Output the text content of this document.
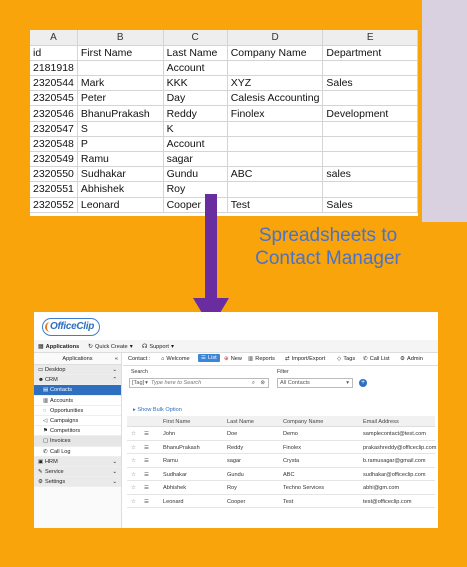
A	B	C	D	E
id	First Name	Last Name	Company Name	Department
2181918		Account		
2320544	Mark	KKK	XYZ	Sales
2320545	Peter	Day	Calesis Accounting	
2320546	BhanuPrakash	Reddy	Finolex	Development
2320547	S	K		
2320548	P	Account		
2320549	Ramu	sagar		
2320550	Sudhakar	Gundu	ABC	sales
2320551	Abhishek	Roy		
2320552	Leonard	Cooper	Test	Sales
Spreadsheets to
Contact Manager
OfficeClip
▦ Applications ↻ Quick Create ▾ ☊ Support ▾
Applications	«
▭ Desktop	⌄
☻CRM	⌃
▤ Contacts
▥ Accounts
◌ Opportunities
◁ Campaigns
⚑ Competitors
▢ Invoices
✆ Call Log
▣ HRM	⌄
✎ Service	⌄
⚙ Settings	⌄
Contact : ⌂ Welcome ☰ List ⊕ New ▥ Reports ⇄ Import/Export ◇ Tags ✆ Call List ⚙ Admin
Search
[Tag] ▾ Type here to Search	⌕ ⊗
Filter
All Contacts	▾ +
▸ Show Bulk Option
First Name	Last Name	Company Name	Email Address
☆ ☰ John	Doe	Demo	samplecontact@test.com
☆ ☰ BhanuPrakash	Reddy	Finolex	prakashreddy@officeclip.com
☆ ☰ Ramu	sagar	Crysta	b.ramusagar@gmail.com
☆ ☰ Sudhakar	Gundu	ABC	sudhakar@officeclip.com
☆ ☰ Abhishek	Roy	Techno Services	abhi@gm.com
☆ ☰ Leonard	Cooper	Test	test@officeclip.com
